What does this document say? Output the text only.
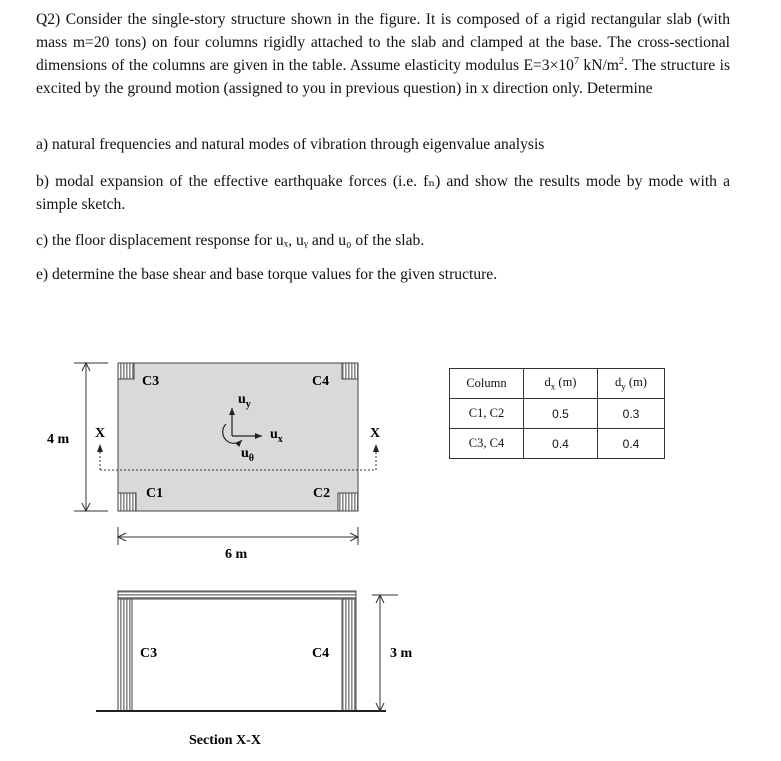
Q2) Consider the single-story structure shown in the figure. It is composed of a rigid rectangular slab (with mass m=20 tons) on four columns rigidly attached to the slab and clamped at the base. The cross-sectional dimensions of the columns are given in the table. Assume elasticity modulus $E=3\times 10^7$ $kN/m^2$. The structure is excited by the ground motion (assigned to you in previous question) in x direction only. Determine

a) natural frequencies and natural modes of vibration through eigenvalue analysis

b) modal expansion of the effective earthquake forces (i.e. fₙ) and show the results mode by mode with a simple sketch.

c) the floor displacement response for uₓ, uᵧ and u₀ of the slab.

e) determine the base shear and base torque values for the given structure.

C3	C4
C1	C2
X	X
$u_y$
$u_x$
$u_\theta$
4 m
6 m
C3	C4	3 m
Section X-X
Column	$d_x$ (m)	$d_y$ (m)
C1, C2	0.5	0.3
C3, C4	0.4	0.4
